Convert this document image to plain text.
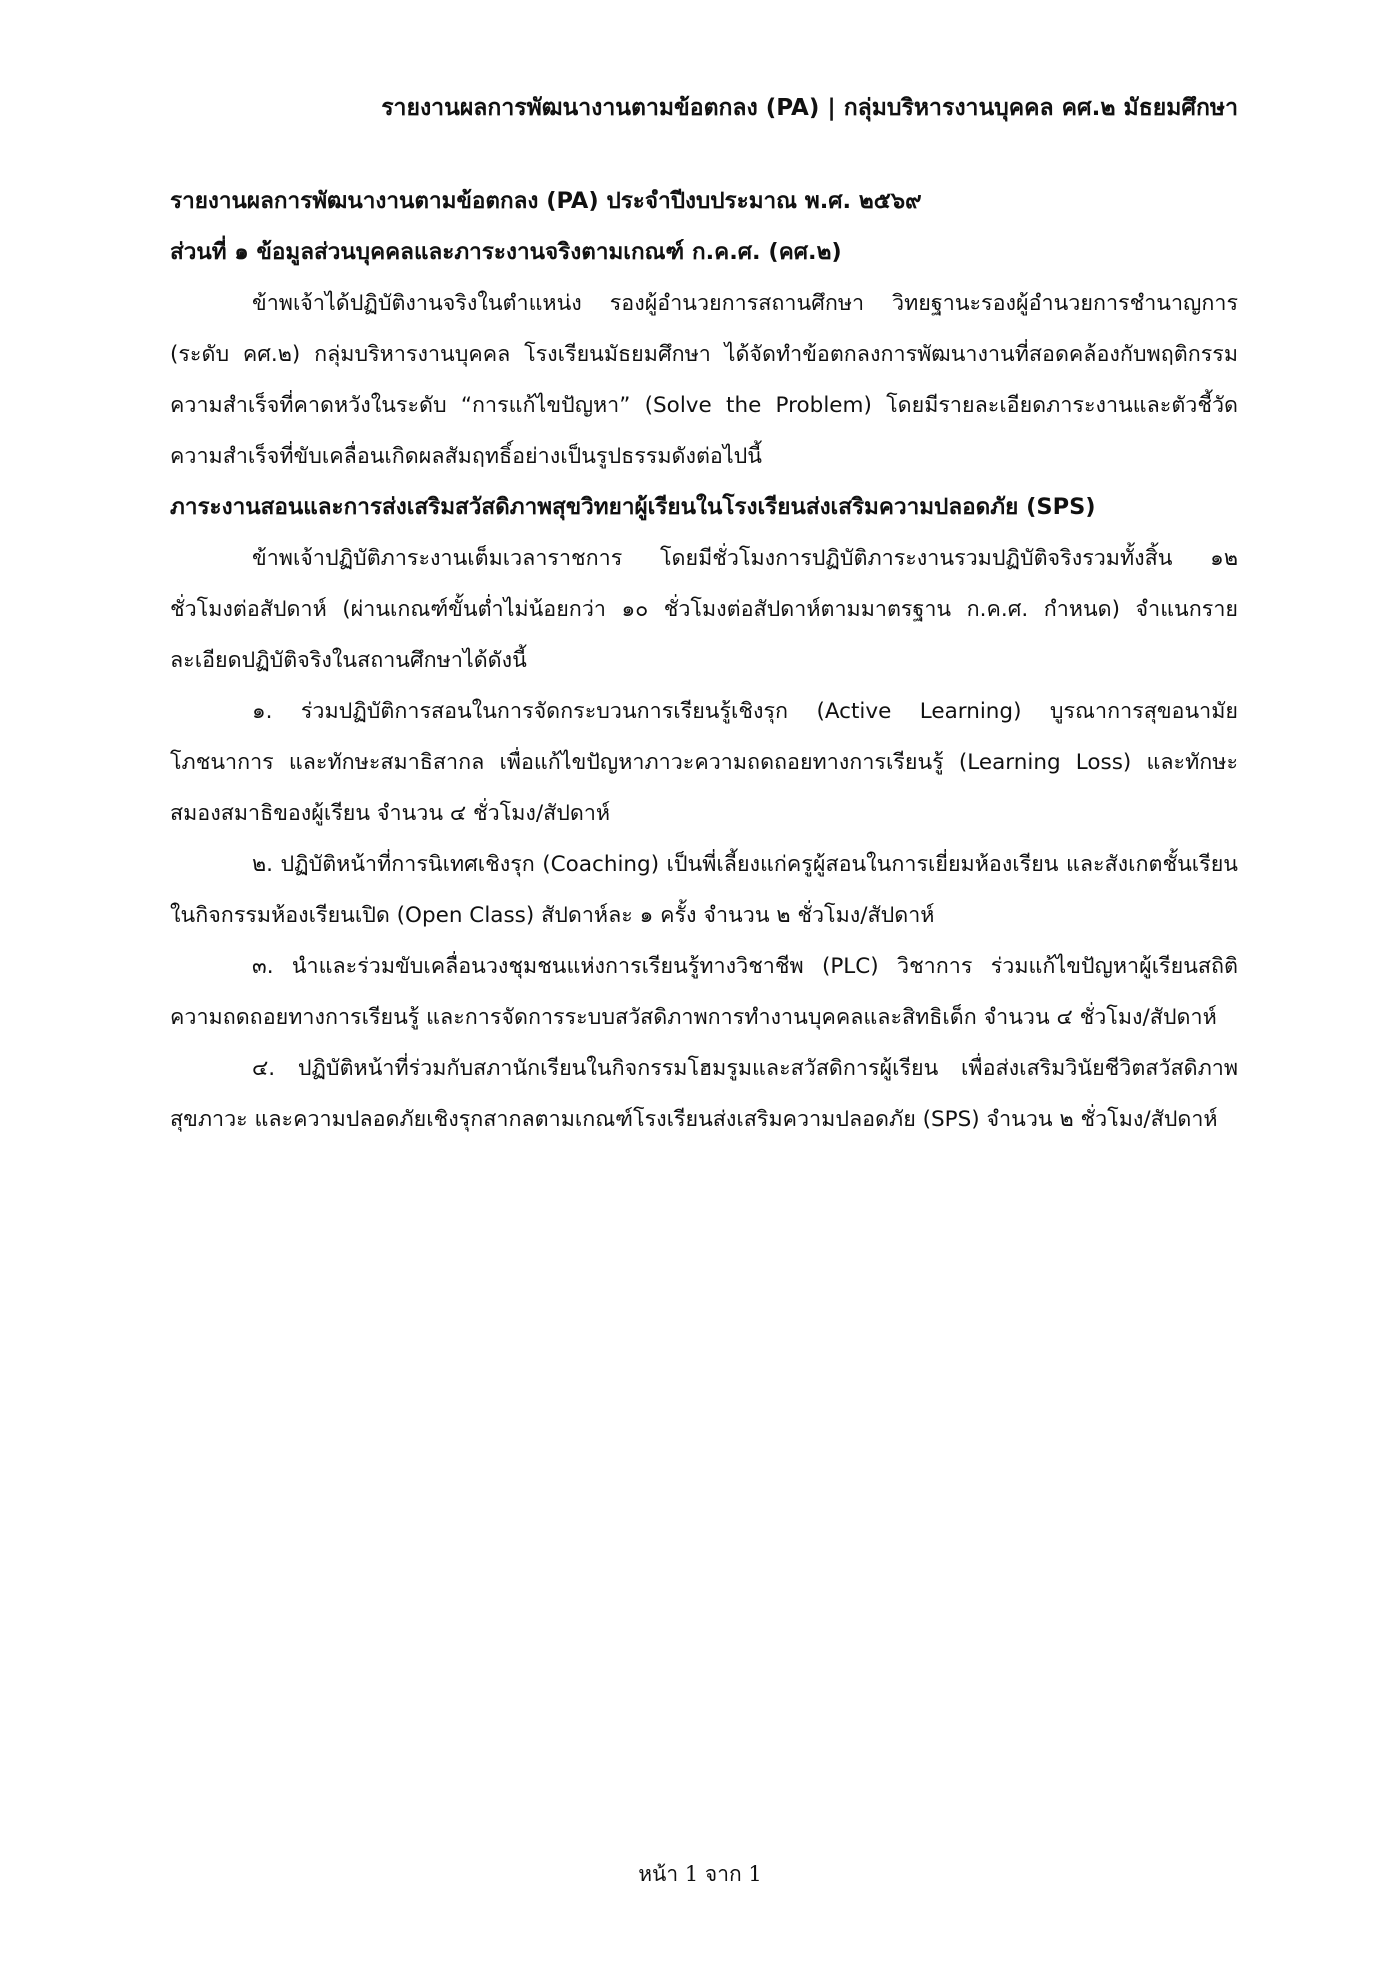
รายงานผลการพัฒนางานตามข้อตกลง (PA) | กลุ่มบริหารงานบุคคล คศ.๒ มัธยมศึกษา

รายงานผลการพัฒนางานตามข้อตกลง (PA) ประจำปีงบประมาณ พ.ศ. ๒๕๖๙

ส่วนที่ ๑ ข้อมูลส่วนบุคคลและภาระงานจริงตามเกณฑ์ ก.ค.ศ. (คศ.๒)

ข้าพเจ้าได้ปฏิบัติงานจริงในตำแหน่ง รองผู้อำนวยการสถานศึกษา วิทยฐานะรองผู้อำนวยการชำนาญการ (ระดับ คศ.๒) กลุ่มบริหารงานบุคคล โรงเรียนมัธยมศึกษา ได้จัดทำข้อตกลงการพัฒนางานที่สอดคล้องกับพฤติกรรมความสำเร็จที่คาดหวังในระดับ “การแก้ไขปัญหา” (Solve the Problem) โดยมีรายละเอียดภาระงานและตัวชี้วัดความสำเร็จที่ขับเคลื่อนเกิดผลสัมฤทธิ์อย่างเป็นรูปธรรมดังต่อไปนี้

ภาระงานสอนและการส่งเสริมสวัสดิภาพสุขวิทยาผู้เรียนในโรงเรียนส่งเสริมความปลอดภัย (SPS)

ข้าพเจ้าปฏิบัติภาระงานเต็มเวลาราชการ โดยมีชั่วโมงการปฏิบัติภาระงานรวมปฏิบัติจริงรวมทั้งสิ้น ๑๒ ชั่วโมงต่อสัปดาห์ (ผ่านเกณฑ์ขั้นต่ำไม่น้อยกว่า ๑๐ ชั่วโมงต่อสัปดาห์ตามมาตรฐาน ก.ค.ศ. กำหนด) จำแนกรายละเอียดปฏิบัติจริงในสถานศึกษาได้ดังนี้

๑. ร่วมปฏิบัติการสอนในการจัดกระบวนการเรียนรู้เชิงรุก (Active Learning) บูรณาการสุขอนามัยโภชนาการ และทักษะสมาธิสากล เพื่อแก้ไขปัญหาภาวะความถดถอยทางการเรียนรู้ (Learning Loss) และทักษะสมองสมาธิของผู้เรียน จำนวน ๔ ชั่วโมง/สัปดาห์

๒. ปฏิบัติหน้าที่การนิเทศเชิงรุก (Coaching) เป็นพี่เลี้ยงแก่ครูผู้สอนในการเยี่ยมห้องเรียน และสังเกตชั้นเรียนในกิจกรรมห้องเรียนเปิด (Open Class) สัปดาห์ละ ๑ ครั้ง จำนวน ๒ ชั่วโมง/สัปดาห์

๓. นำและร่วมขับเคลื่อนวงชุมชนแห่งการเรียนรู้ทางวิชาชีพ (PLC) วิชาการ ร่วมแก้ไขปัญหาผู้เรียนสถิติความถดถอยทางการเรียนรู้ และการจัดการระบบสวัสดิภาพการทำงานบุคคลและสิทธิเด็ก จำนวน ๔ ชั่วโมง/สัปดาห์

๔. ปฏิบัติหน้าที่ร่วมกับสภานักเรียนในกิจกรรมโฮมรูมและสวัสดิการผู้เรียน เพื่อส่งเสริมวินัยชีวิตสวัสดิภาพ สุขภาวะ และความปลอดภัยเชิงรุกสากลตามเกณฑ์โรงเรียนส่งเสริมความปลอดภัย (SPS) จำนวน ๒ ชั่วโมง/สัปดาห์

หน้า 1 จาก 1
